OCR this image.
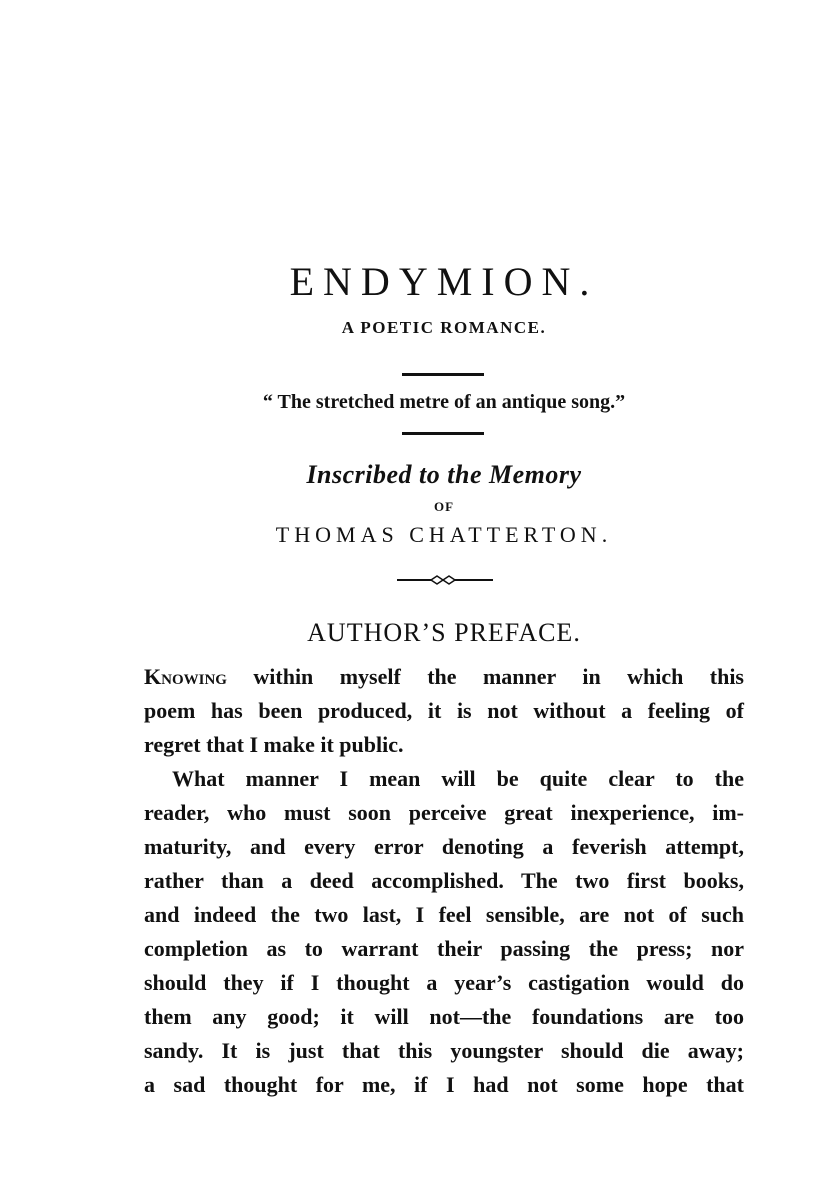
ENDYMION.
A POETIC ROMANCE.
“ The stretched metre of an antique song.”
Inscribed to the Memory
OF
THOMAS CHATTERTON.
AUTHOR’S PREFACE.
Knowing within myself the manner in which this
poem has been produced, it is not without a feeling of
regret that I make it public.
What manner I mean will be quite clear to the
reader, who must soon perceive great inexperience, im-
maturity, and every error denoting a feverish attempt,
rather than a deed accomplished. The two first books,
and indeed the two last, I feel sensible, are not of such
completion as to warrant their passing the press; nor
should they if I thought a year’s castigation would do
them any good; it will not—the foundations are too
sandy. It is just that this youngster should die away;
a sad thought for me, if I had not some hope that
